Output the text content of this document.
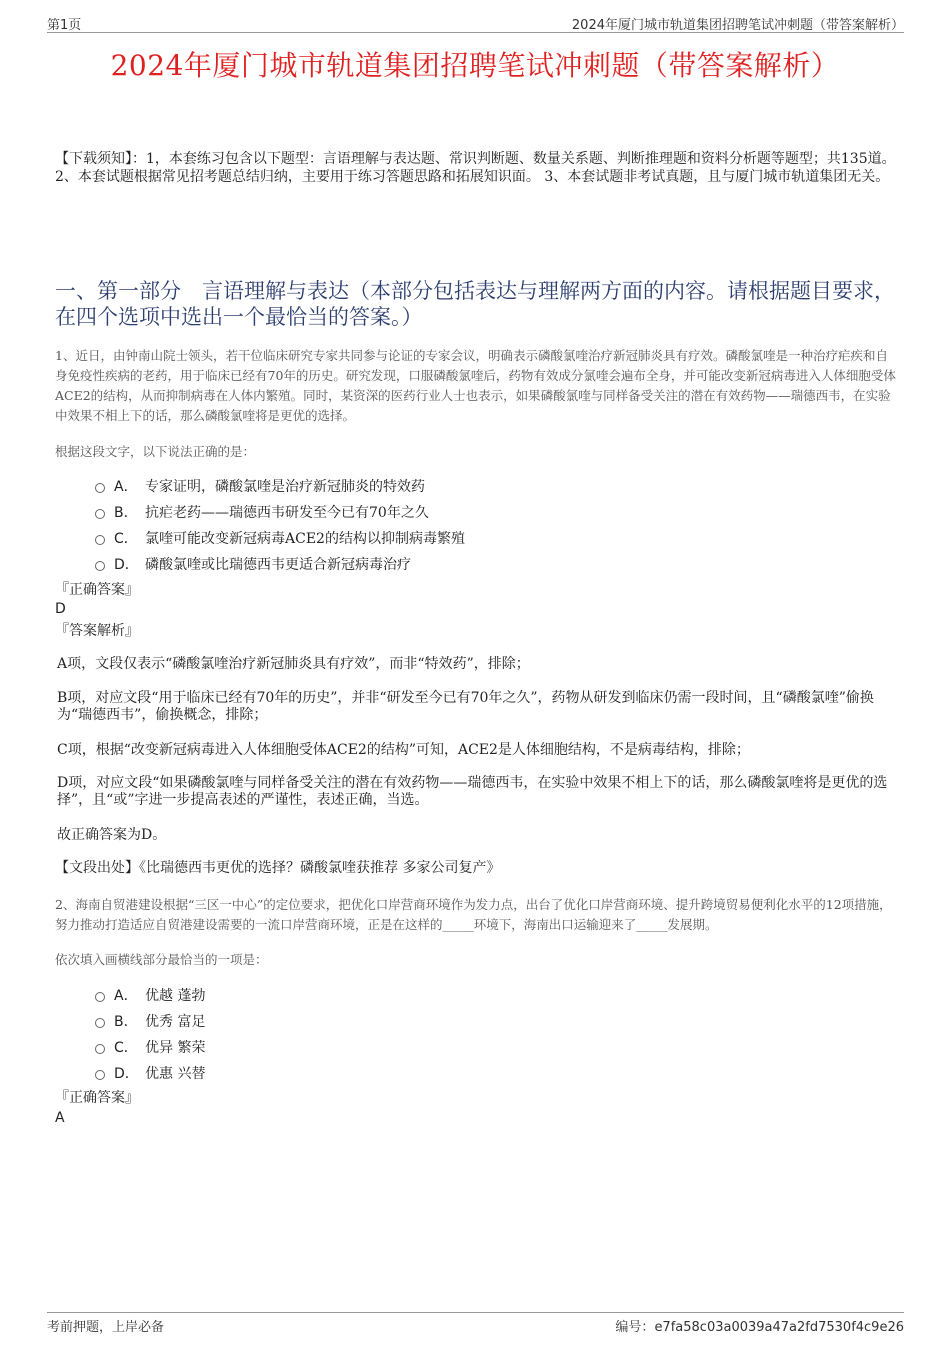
第1页	2024年厦门城市轨道集团招聘笔试冲刺题（带答案解析）
2024年厦门城市轨道集团招聘笔试冲刺题（带答案解析）
【下载须知】：1，本套练习包含以下题型：言语理解与表达题、常识判断题、数量关系题、判断推理题和资料分析题等题型；共135道。 2、本套试题根据常见招考题总结归纳，主要用于练习答题思路和拓展知识面。 3、本套试题非考试真题，且与厦门城市轨道集团无关。
一、第一部分　言语理解与表达（本部分包括表达与理解两方面的内容。请根据题目要求，在四个选项中选出一个最恰当的答案。）
1、近日，由钟南山院士领头，若干位临床研究专家共同参与论证的专家会议，明确表示磷酸氯喹治疗新冠肺炎具有疗效。磷酸氯喹是一种治疗疟疾和自身免疫性疾病的老药，用于临床已经有70年的历史。研究发现，口服磷酸氯喹后，药物有效成分氯喹会遍布全身，并可能改变新冠病毒进入人体细胞受体ACE2的结构，从而抑制病毒在人体内繁殖。同时，某资深的医药行业人士也表示，如果磷酸氯喹与同样备受关注的潜在有效药物——瑞德西韦，在实验中效果不相上下的话，那么磷酸氯喹将是更优的选择。
根据这段文字，以下说法正确的是：
A． 专家证明，磷酸氯喹是治疗新冠肺炎的特效药
B． 抗疟老药——瑞德西韦研发至今已有70年之久
C． 氯喹可能改变新冠病毒ACE2的结构以抑制病毒繁殖
D． 磷酸氯喹或比瑞德西韦更适合新冠病毒治疗
『正确答案』
D
『答案解析』
A项，文段仅表示“磷酸氯喹治疗新冠肺炎具有疗效”，而非“特效药”，排除；
B项，对应文段“用于临床已经有70年的历史”，并非“研发至今已有70年之久”，药物从研发到临床仍需一段时间，且“磷酸氯喹”偷换为“瑞德西韦”，偷换概念，排除；
C项，根据“改变新冠病毒进入人体细胞受体ACE2的结构”可知，ACE2是人体细胞结构，不是病毒结构，排除；
D项，对应文段“如果磷酸氯喹与同样备受关注的潜在有效药物——瑞德西韦，在实验中效果不相上下的话，那么磷酸氯喹将是更优的选择”，且“或”字进一步提高表述的严谨性，表述正确，当选。
故正确答案为D。
【文段出处】《比瑞德西韦更优的选择？磷酸氯喹获推荐 多家公司复产》
2、海南自贸港建设根据“三区一中心”的定位要求，把优化口岸营商环境作为发力点，出台了优化口岸营商环境、提升跨境贸易便利化水平的12项措施，努力推动打造适应自贸港建设需要的一流口岸营商环境，正是在这样的_____环境下，海南出口运输迎来了_____发展期。
依次填入画横线部分最恰当的一项是：
A． 优越 蓬勃
B． 优秀 富足
C． 优异 繁荣
D． 优惠 兴替
『正确答案』
A
考前押题，上岸必备	编号：e7fa58c03a0039a47a2fd7530f4c9e26
